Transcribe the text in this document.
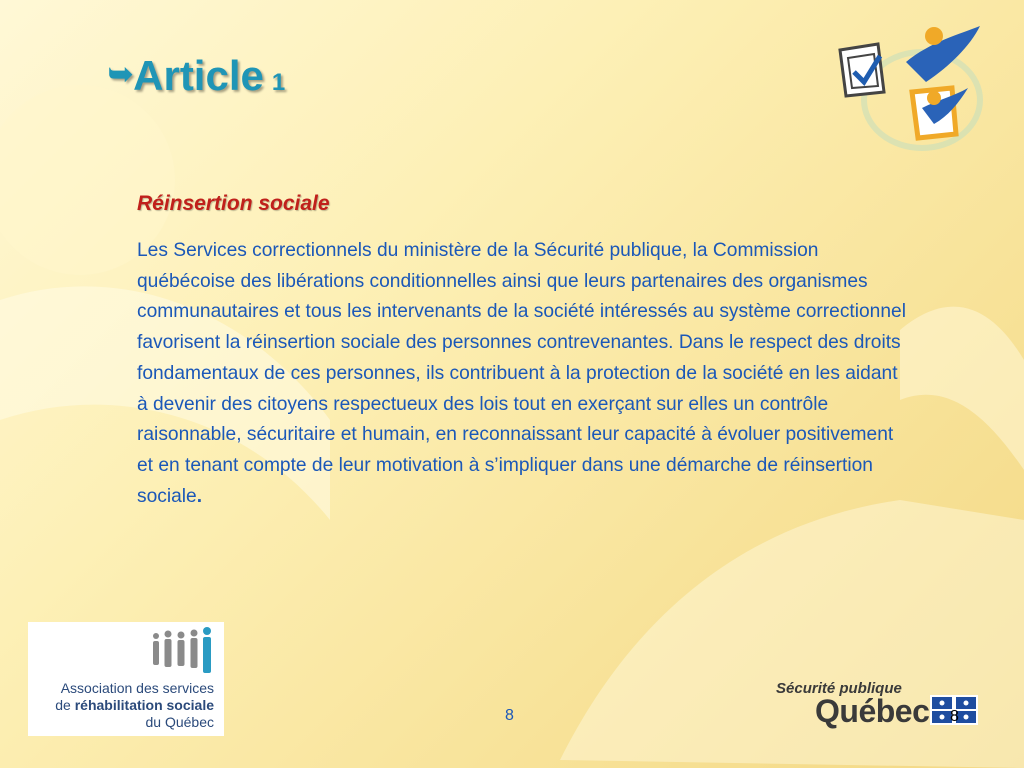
➥Article 1
Réinsertion sociale
Les Services correctionnels du ministère de la Sécurité publique, la Commission québécoise des libérations conditionnelles ainsi que leurs partenaires des organismes communautaires et tous les intervenants de la société intéressés au système correctionnel favorisent la réinsertion sociale des personnes contrevenantes. Dans le respect des droits fondamentaux de ces personnes, ils contribuent à la protection de la société en les aidant à devenir des citoyens respectueux des lois tout en exerçant sur elles un contrôle raisonnable, sécuritaire et humain, en reconnaissant leur capacité à évoluer positivement et en tenant compte de leur motivation à s’impliquer dans une démarche de réinsertion sociale.
Association des services
de réhabilitation sociale
du Québec	8
Sécurité publique
Québec 8
